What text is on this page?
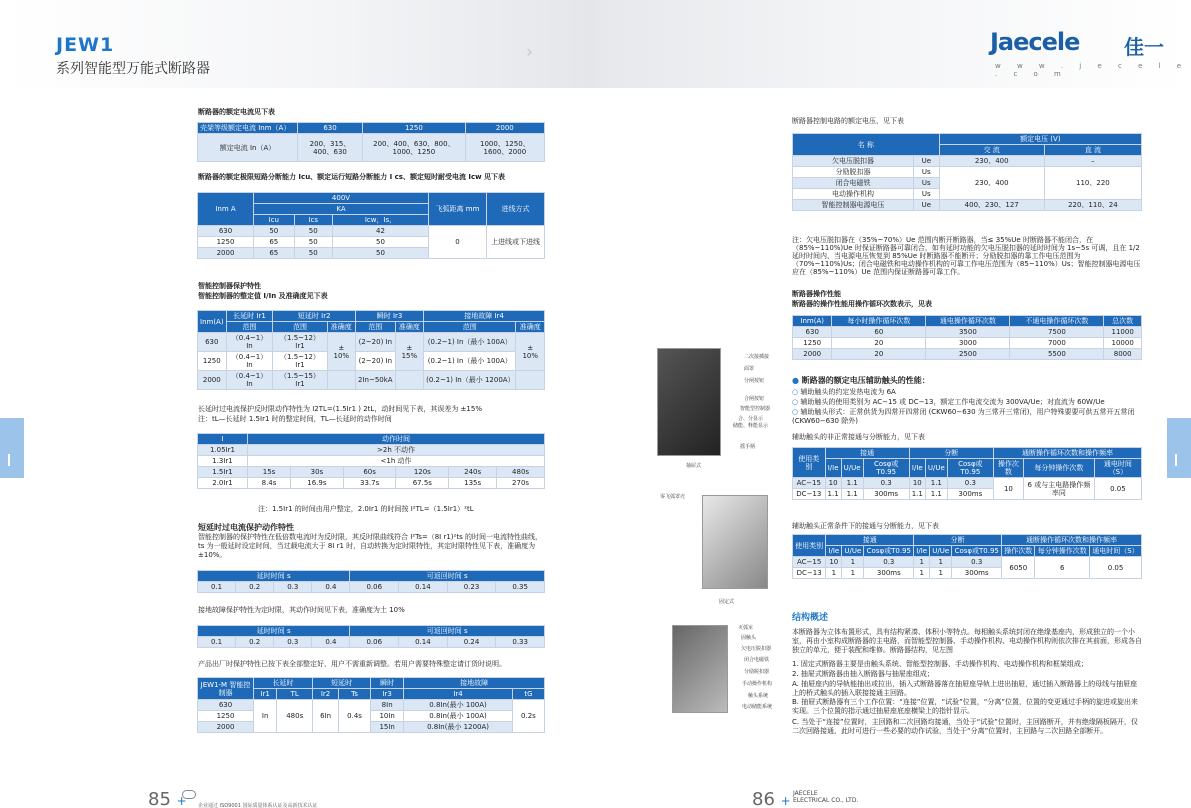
JEW1
系列智能型万能式断路器
›››	Jaecele 佳一
w w w . j e c e l e . c o m
断路器的额定电流见下表
壳架等级额定电流 Inm（A）	630	1250	2000
额定电流 In（A）	200、315、400、630	200、400、630、800、1000、1250	1000、1250、1600、2000
断路器的额定极限短路分断能力 Icu、额定运行短路分断能力 I cs、额定短时耐受电流 Icw 见下表
Inm A	400V			飞弧距离 mm	进线方式
	KA				
	Icu	Ics	Icw，Is，		
630	50	50	42	0	上进线或下进线
1250	65	50	50		
2000	65	50	50		
智能控制器保护特性
智能控制器的整定值 I/In 及准确度见下表
Inm(A)	长延时 Ir1	短延时 Ir2		瞬时 Ir3		接地故障 Ir4	
	范围	范围	准确度	范围	准确度	范围	准确度
630	（0.4~1）In	（1.5~12）Ir1	± 10%	(2~20) In	± 15%	(0.2~1) In（最小 100A）	± 10%
1250	（0.4~1）In	（1.5~12）Ir1		(2~20) In		(0.2~1) In（最小 100A）	
2000	（0.4~1）In	（1.5~15）Ir1		2In~50kA		(0.2~1) In（最小 1200A）	
长延时过电流保护反时限动作特性为 I2TL=(1.5Ir1 ) 2tL，动时间见下表，其误差为 ±15%
注：tL—长延时 1.5Ir1 时的整定时间，TL—长延时的动作时间
I	动作时间					
1.05Ir1	>2h 不动作					
1.3Ir1	<1h 动作					
1.5Ir1	15s	30s	60s	120s	240s	480s
2.0Ir1	8.4s	16.9s	33.7s	67.5s	135s	270s
注：1.5Ir1 的时间由用户整定，2.0Ir1 的时间按 I²TL=（1.5Ir1）²tL
短延时过电流保护动作特性
智能控制器的保护特性在低倍数电流时为反时限，其反时限曲线符合 I²Ts=（8I r1)²ts 的时间一电流特性曲线，ts 为一般延时设定时间，当过载电流大于 8I r1 时，自动转换为定时限特性，其定时限特性见下表，准确度为 ±10%。
延时时间 s				可返回时间 s			
0.1	0.2	0.3	0.4	0.06	0.14	0.23	0.35
接地故障保护特性为定时限，其动作时间见下表，准确度为土 10%
延时时间 s				可返回时间 s			
0.1	0.2	0.3	0.4	0.06	0.14	0.24	0.33
产品出厂时保护特性已按下表全部整定好，用户不需重新调整。若用户需要特殊整定请订货时说明。
JEW1-M 智能控制器	长延时		短延时		瞬时	接地故障	
	Ir1	TL	Ir2	Ts	Ir3	Ir4	tG
630	In	480s	6In	0.4s	8In	0.8In(最小 100A)	0.2s
1250					10In	0.8In(最小 100A)	
2000					15In	0.8In(最小 1200A)	
85 + 企业通过 ISO9001 国际质量体系认证及高新技术认证
断路器控制电路的额定电压，见下表
名 称		额定电压 (V)	
		交 流	直 流
欠电压脱扣器	Ue	230、400	–
分励脱扣器	Us	230、400	110、220
闭合电磁铁	Us		
电动操作机构	Us		
智能控制器电源电压	Ue	400、230、127	220、110、24
注：欠电压脱扣器在（35%~70%）Ue 范围内断开断路器，当≤ 35%Ue 时断路器不能闭合，在（85%~110%)Ue 时保证断路器可靠闭合，如有延时功能的欠电压脱扣器的延时时间为 1s~5s 可调，且在 1/2 延时时间内，当电源电压恢复到 85%Ue 时断路器不能断开；分励脱扣器的靠工作电压范围为（70%~110%)Us；闭合电磁铁和电动操作机构的可靠工作电压范围为（85~110%）Us；智能控制器电源电压应在（85%~110%）Ue 范围内保证断路器可靠工作。
断路器操作性能
断路器的操作性能用操作循环次数表示，见表
Inm(A)	每小时操作循环次数	通电操作循环次数	不通电操作循环次数	总次数
630	60	3500	7500	11000
1250	20	3000	7000	10000
2000	20	2500	5500	8000
● 断路器的额定电压辅助触头的性能：
○ 辅助触头的约定发热电流为 6A
○ 辅助触头的使用类别为 AC−15 或 DC−13，额定工作电流交流为 300VA/Ue；对直流为 60W/Ue
○ 辅助触头形式：正常供货为四常开四常闭 (CKW60−630 为三常开三常闭)，用户特殊要要可供五常开五常闭 (CKW60−630 除外)
辅助触头的非正常接通与分断能力，见下表
使用类别	接通			分断			通断操作循环次数和操作频率		
	I/Ie	U/Ue	Cosφ或T0.95	I/Ie	U/Ue	Cosφ或T0.95	操作次数	每分钟操作次数	通电时间（S）
AC−15	10	1.1	0.3	10	1.1	0.3	10	6 或与主电路操作频率同	0.05
DC−13	1.1	1.1	300ms	1.1	1.1	300ms			
辅助触头正常条件下的接通与分断能力，见下表
使用类别	接通			分断			通断操作循环次数和操作频率		
	I/Ie	U/Ue	Cosφ或T0.95	I/Ie	U/Ue	Cosφ或T0.95	操作次数	每分钟操作次数	通电时间（S）
AC−15	10	1	0.3	1	1	0.3	6050	6	0.05
DC−13	1	1	300ms	1	1	300ms			
结构概述
本断路器为立体布置形式，具有结构紧凑、体积小等特点。每相触头系统封闭在绝缘基座内，形成独立的一个小室，再由小室构成断路器的主电路，而智能型控制器、手动操作机构、电动操作机构则依次排在其前面，形成各自独立的单元，便于装配和维修。断路器结构，见左图
1. 固定式断路器主要是由触头系统、智能型控制器、手动操作机构、电动操作机构和框架组成；
2. 抽屉式断路器由抽入断路器与抽屉座组成；
A. 抽屉座内的导轨能抽出或拉出，插入式断路器落在抽屉座导轨上进出抽屉，通过插入断路器上的母线与抽屉座上的桥式触头的插入联接接通主回路。
B. 抽屉式断路器有三个工作位置：“连接”位置，“试验”位置，“分离”位置，位置的变更通过手柄的旋进或旋出来实现。三个位置的指示通过抽屉座底座横梁上的指针显示。
C. 当处于“连接”位置时，主回路和二次回路均接通，当处于“试验”位置时，主回路断开，并有绝缘隔板隔开，仅二次回路接通，此时可进行一些必要的动作试验，当处于“分离”位置时，主回路与二次回路全部断开。
二次接插接
面罩
分闸按钮
合闸按钮
智能型控制器
合、分显示
储能、释能显示
摇手柄
抽屉式
零飞弧罩壳
固定式
灭弧室
固触头
欠电压脱扣器
闭合电磁铁
分励脱扣器
手动操作机构
触头系统
电动储能系统
86 +
JAECELE
ELECTRICAL CO., LTD.
